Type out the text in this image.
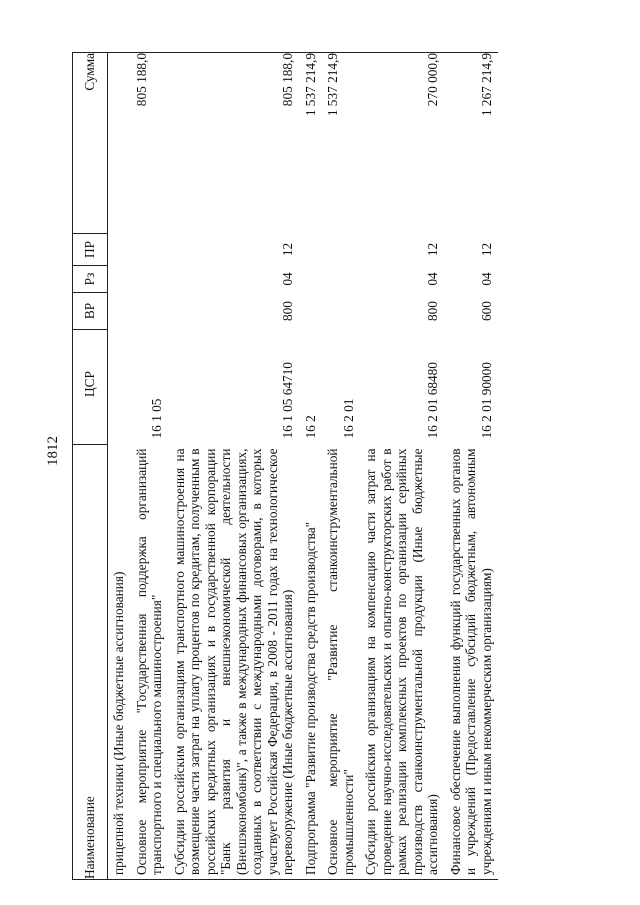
1812
Наименование	ЦСР	ВР	Рз	ПР	Сумма
прицепной техники (Иные бюджетные ассигнования)					
Основное мероприятие "Государственная поддержка организаций транспортного и специального машиностроения"	16 1 05				805 188,0
Субсидии российским организациям транспортного машиностроения на возмещение части затрат на уплату процентов по кредитам, полученным в российских кредитных организациях и в государственной корпорации "Банк развития и внешнеэкономической деятельности (Внешэкономбанк)", а также в международных финансовых организациях, созданных в соответствии с международными договорами, в которых участвует Российская Федерация, в 2008 - 2011 годах на технологическое перевооружение (Иные бюджетные ассигнования)	16 1 05 64710	800	04	12	805 188,0
Подпрограмма "Развитие производства средств производства"	16 2				1 537 214,9
Основное мероприятие "Развитие станкоинструментальной промышленности"	16 2 01				1 537 214,9
Субсидии российским организациям на компенсацию части затрат на проведение научно-исследовательских и опытно-конструкторских работ в рамках реализации комплексных проектов по организации серийных производств станкоинструментальной продукции (Иные бюджетные ассигнования)	16 2 01 68480	800	04	12	270 000,0
Финансовое обеспечение выполнения функций государственных органов и учреждений (Предоставление субсидий бюджетным, автономным учреждениям и иным некоммерческим организациям)	16 2 01 90000	600	04	12	1 267 214,9
